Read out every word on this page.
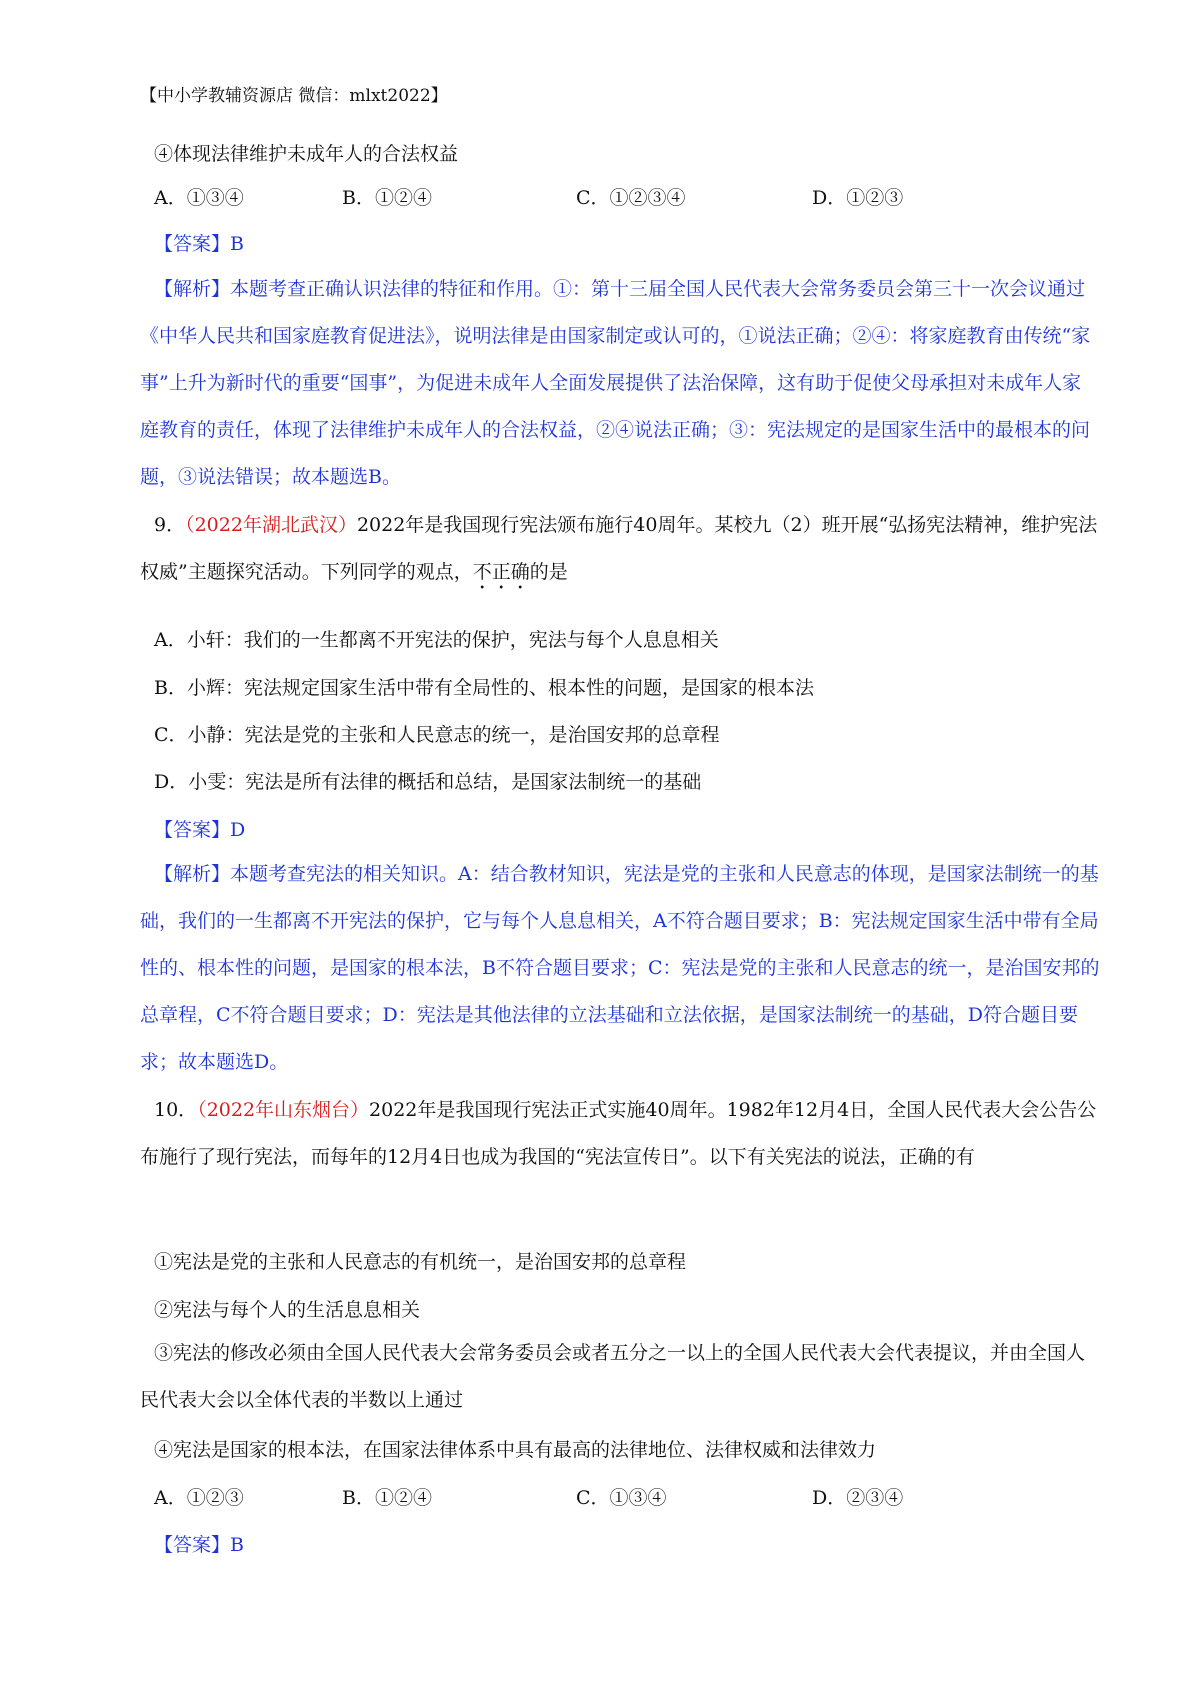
【中小学教辅资源店 微信：mlxt2022】
④体现法律维护未成年人的合法权益
A．①③④	B．①②④	C．①②③④	D．①②③
【答案】B
【解析】本题考查正确认识法律的特征和作用。①：第十三届全国人民代表大会常务委员会第三十一次会议通过《中华人民共和国家庭教育促进法》，说明法律是由国家制定或认可的，①说法正确；②④：将家庭教育由传统“家事”上升为新时代的重要“国事”，为促进未成年人全面发展提供了法治保障，这有助于促使父母承担对未成年人家庭教育的责任，体现了法律维护未成年人的合法权益，②④说法正确；③：宪法规定的是国家生活中的最根本的问题，③说法错误；故本题选B。
9．（2022年湖北武汉）2022年是我国现行宪法颁布施行40周年。某校九（2）班开展“弘扬宪法精神，维护宪法权威”主题探究活动。下列同学的观点，不正确的是
A．小轩：我们的一生都离不开宪法的保护，宪法与每个人息息相关
B．小辉：宪法规定国家生活中带有全局性的、根本性的问题，是国家的根本法
C．小静：宪法是党的主张和人民意志的统一，是治国安邦的总章程
D．小雯：宪法是所有法律的概括和总结，是国家法制统一的基础
【答案】D
【解析】本题考查宪法的相关知识。A：结合教材知识，宪法是党的主张和人民意志的体现，是国家法制统一的基础，我们的一生都离不开宪法的保护，它与每个人息息相关，A不符合题目要求；B：宪法规定国家生活中带有全局性的、根本性的问题，是国家的根本法，B不符合题目要求；C：宪法是党的主张和人民意志的统一，是治国安邦的总章程，C不符合题目要求；D：宪法是其他法律的立法基础和立法依据，是国家法制统一的基础，D符合题目要求；故本题选D。
10．（2022年山东烟台）2022年是我国现行宪法正式实施40周年。1982年12月4日，全国人民代表大会公告公布施行了现行宪法，而每年的12月4日也成为我国的“宪法宣传日”。以下有关宪法的说法，正确的有
①宪法是党的主张和人民意志的有机统一，是治国安邦的总章程
②宪法与每个人的生活息息相关
③宪法的修改必须由全国人民代表大会常务委员会或者五分之一以上的全国人民代表大会代表提议，并由全国人民代表大会以全体代表的半数以上通过
④宪法是国家的根本法，在国家法律体系中具有最高的法律地位、法律权威和法律效力
A．①②③	B．①②④	C．①③④	D．②③④
【答案】B
